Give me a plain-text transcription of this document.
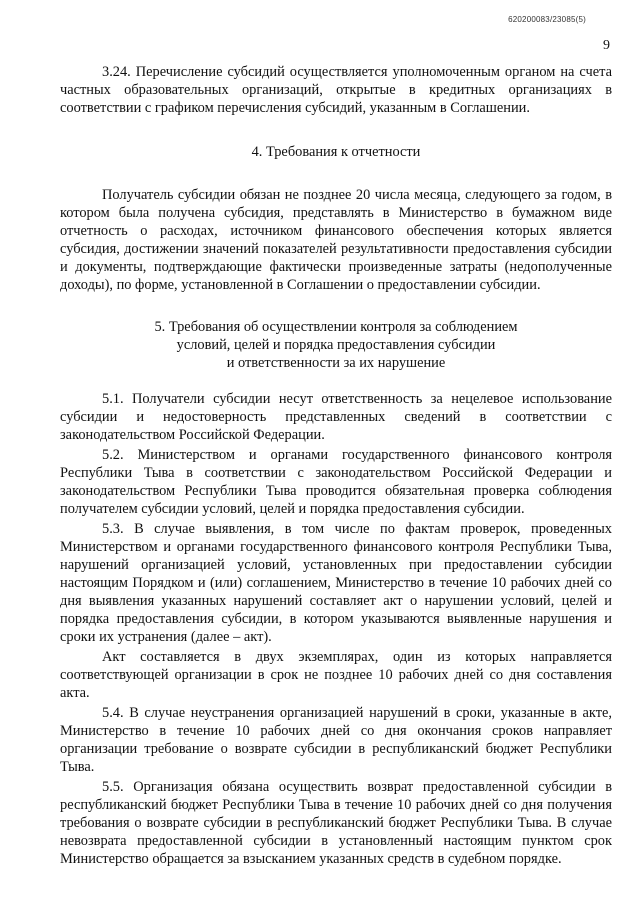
620200083/23085(5)
9

3.24. Перечисление субсидий осуществляется уполномоченным органом на счета частных образовательных организаций, открытые в кредитных организациях в соответствии с графиком перечисления субсидий, указанным в Соглашении.

4. Требования к отчетности

Получатель субсидии обязан не позднее 20 числа месяца, следующего за годом, в котором была получена субсидия, представлять в Министерство в бумажном виде отчетность о расходах, источником финансового обеспечения которых является субсидия, достижении значений показателей результативности предоставления субсидии и документы, подтверждающие фактически произведенные затраты (недополученные доходы), по форме, установленной в Соглашении о предоставлении субсидии.

5. Требования об осуществлении контроля за соблюдением
условий, целей и порядка предоставления субсидии
и ответственности за их нарушение

5.1. Получатели субсидии несут ответственность за нецелевое использование субсидии и недостоверность представленных сведений в соответствии с законодательством Российской Федерации.

5.2. Министерством и органами государственного финансового контроля Республики Тыва в соответствии с законодательством Российской Федерации и законодательством Республики Тыва проводится обязательная проверка соблюдения получателем субсидии условий, целей и порядка предоставления субсидии.

5.3. В случае выявления, в том числе по фактам проверок, проведенных Министерством и органами государственного финансового контроля Республики Тыва, нарушений организацией условий, установленных при предоставлении субсидии настоящим Порядком и (или) соглашением, Министерство в течение 10 рабочих дней со дня выявления указанных нарушений составляет акт о нарушении условий, целей и порядка предоставления субсидии, в котором указываются выявленные нарушения и сроки их устранения (далее – акт).

Акт составляется в двух экземплярах, один из которых направляется соответствующей организации в срок не позднее 10 рабочих дней со дня составления акта.

5.4. В случае неустранения организацией нарушений в сроки, указанные в акте, Министерство в течение 10 рабочих дней со дня окончания сроков направляет организации требование о возврате субсидии в республиканский бюджет Республики Тыва.

5.5. Организация обязана осуществить возврат предоставленной субсидии в республиканский бюджет Республики Тыва в течение 10 рабочих дней со дня получения требования о возврате субсидии в республиканский бюджет Республики Тыва. В случае невозврата предоставленной субсидии в установленный настоящим пунктом срок Министерство обращается за взысканием указанных средств в судебном порядке.
